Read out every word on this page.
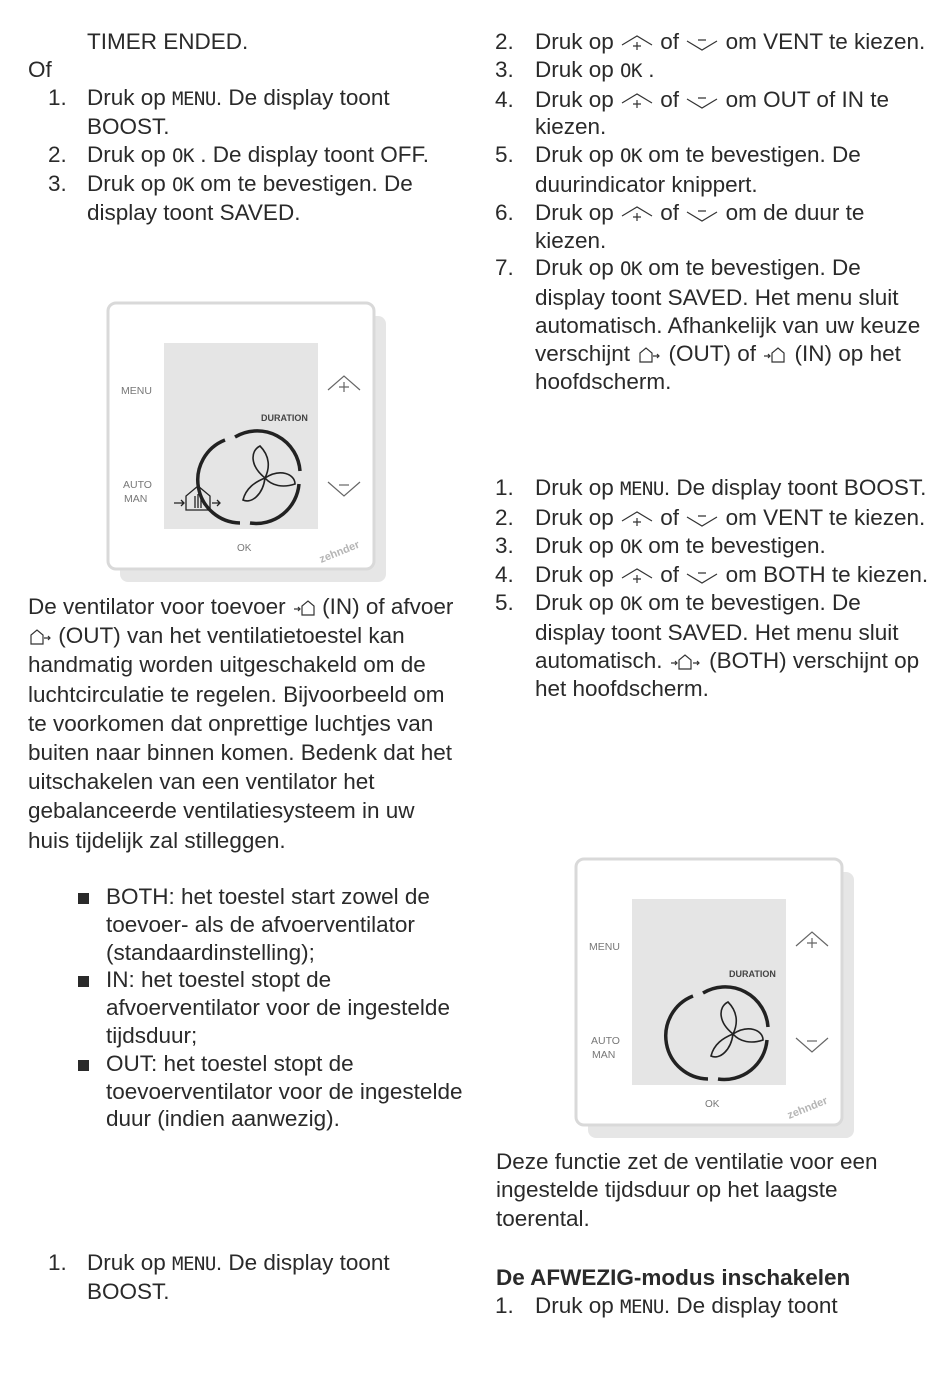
TIMER ENDED.
Of
1. Druk op MENU. De display toont BOOST.
2. Druk op OK . De display toont OFF.
3. Druk op OK om te bevestigen. De display toont SAVED.
MENU
DURATION
AUTO
MAN
OK	zehnder
De ventilator voor toevoer  (IN) of afvoer  (OUT) van het ventilatietoestel kan handmatig worden uitgeschakeld om de luchtcirculatie te regelen. Bijvoorbeeld om te voorkomen dat onprettige luchtjes van buiten naar binnen komen. Bedenk dat het uitschakelen van een ventilator het gebalanceerde ventilatiesysteem in uw huis tijdelijk zal stilleggen.
BOTH: het toestel start zowel de toevoer- als de afvoerventilator (standaardinstelling);
IN: het toestel stopt de afvoerventilator voor de ingestelde tijdsduur;
OUT: het toestel stopt de toevoerventilator voor de ingestelde duur (indien aanwezig).
1. Druk op MENU. De display toont BOOST.
2. Druk op  of  om VENT te kiezen.
3. Druk op OK .
4. Druk op  of  om OUT of IN te kiezen.
5. Druk op OK om te bevestigen. De duurindicator knippert.
6. Druk op  of  om de duur te kiezen.
7. Druk op OK om te bevestigen. De display toont SAVED. Het menu sluit automatisch. Afhankelijk van uw keuze verschijnt  (OUT) of  (IN) op het hoofdscherm.
1. Druk op MENU. De display toont BOOST.
2. Druk op  of  om VENT te kiezen.
3. Druk op OK om te bevestigen.
4. Druk op  of  om BOTH te kiezen.
5. Druk op OK om te bevestigen. De display toont SAVED. Het menu sluit automatisch.  (BOTH) verschijnt op het hoofdscherm.
MENU
DURATION
AUTO
MAN
OK	zehnder
Deze functie zet de ventilatie voor een ingestelde tijdsduur op het laagste toerental.
De AFWEZIG-modus inschakelen
1. Druk op MENU. De display toont
